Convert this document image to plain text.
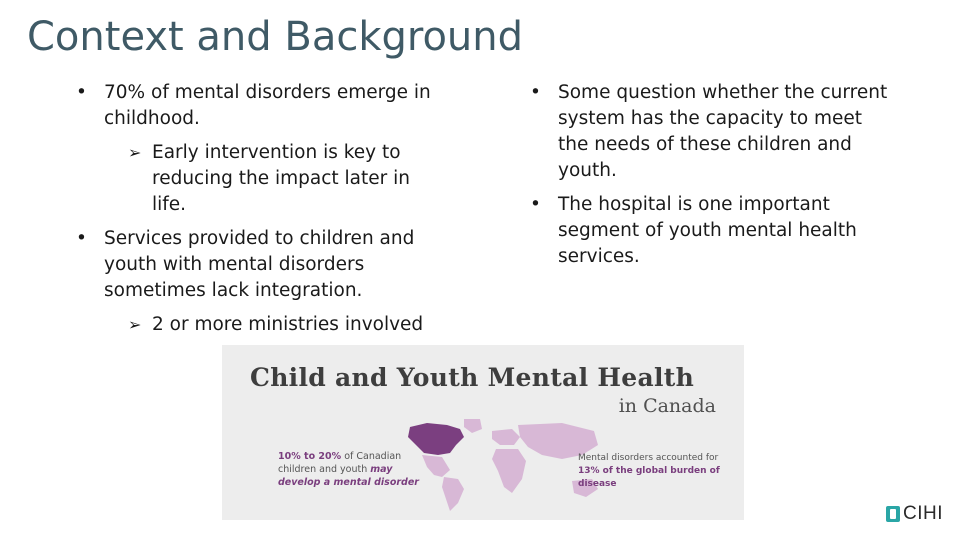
Context and Background
• 70% of mental disorders emerge in childhood.
➢ Early intervention is key to reducing the impact later in life.
• Services provided to children and youth with mental disorders sometimes lack integration.
➢ 2 or more ministries involved
• Some question whether the current system has the capacity to meet the needs of these children and youth.
• The hospital is one important segment of youth mental health services.
Child and Youth Mental Health
in Canada
10% to 20% of Canadian children and youth may develop a mental disorder
Mental disorders accounted for 13% of the global burden of disease
CIHI
